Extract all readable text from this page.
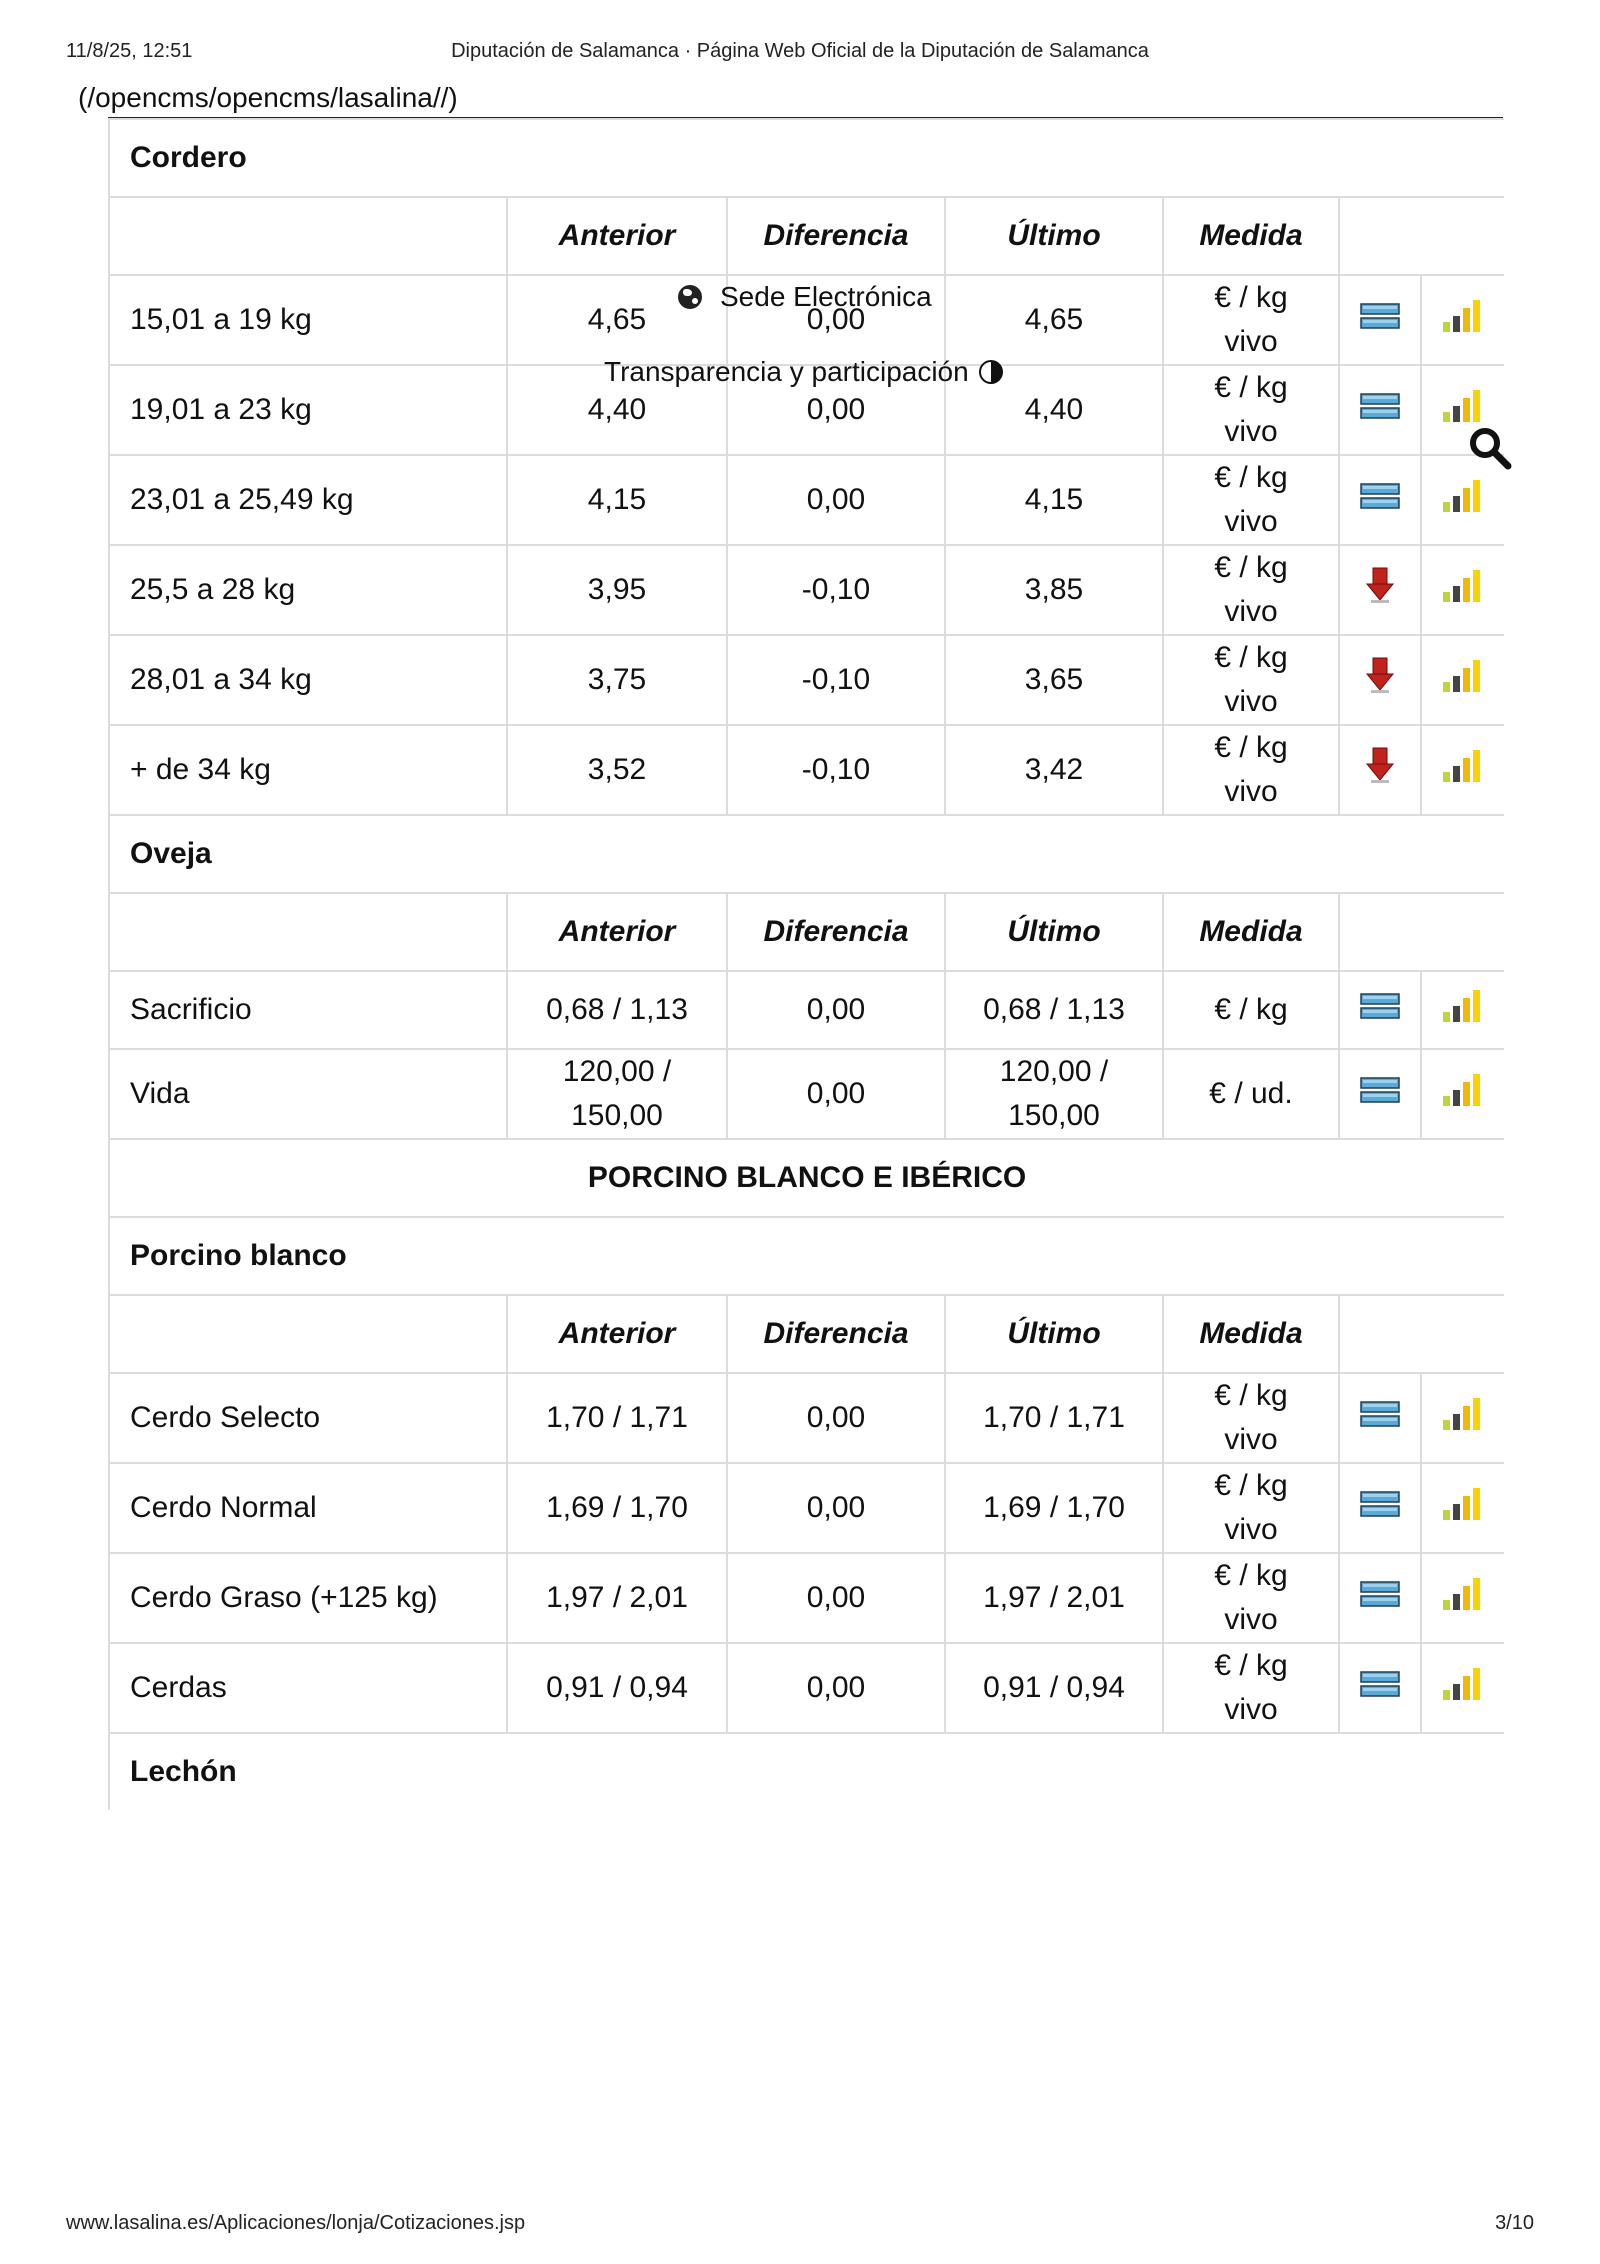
11/8/25, 12:51	Diputación de Salamanca · Página Web Oficial de la Diputación de Salamanca
(/opencms/opencms/lasalina//)
Cordero						
	Anterior	Diferencia	Último	Medida		
15,01 a 19 kg	4,65	0,00	4,65	€ / kg
vivo		
19,01 a 23 kg	4,40	0,00	4,40	€ / kg
vivo		
23,01 a 25,49 kg	4,15	0,00	4,15	€ / kg
vivo		
25,5 a 28 kg	3,95	-0,10	3,85	€ / kg
vivo		
28,01 a 34 kg	3,75	-0,10	3,65	€ / kg
vivo		
+ de 34 kg	3,52	-0,10	3,42	€ / kg
vivo		
Oveja						
	Anterior	Diferencia	Último	Medida		
Sacrificio	0,68 / 1,13	0,00	0,68 / 1,13	€ / kg		
Vida	120,00 /
150,00	0,00	120,00 /
150,00	€ / ud.		
PORCINO BLANCO E IBÉRICO						
Porcino blanco						
	Anterior	Diferencia	Último	Medida		
Cerdo Selecto	1,70 / 1,71	0,00	1,70 / 1,71	€ / kg
vivo		
Cerdo Normal	1,69 / 1,70	0,00	1,69 / 1,70	€ / kg
vivo		
Cerdo Graso (+125 kg)	1,97 / 2,01	0,00	1,97 / 2,01	€ / kg
vivo		
Cerdas	0,91 / 0,94	0,00	0,91 / 0,94	€ / kg
vivo		
Lechón						
Sede Electrónica
Transparencia y participación
www.lasalina.es/Aplicaciones/lonja/Cotizaciones.jsp	3/10
